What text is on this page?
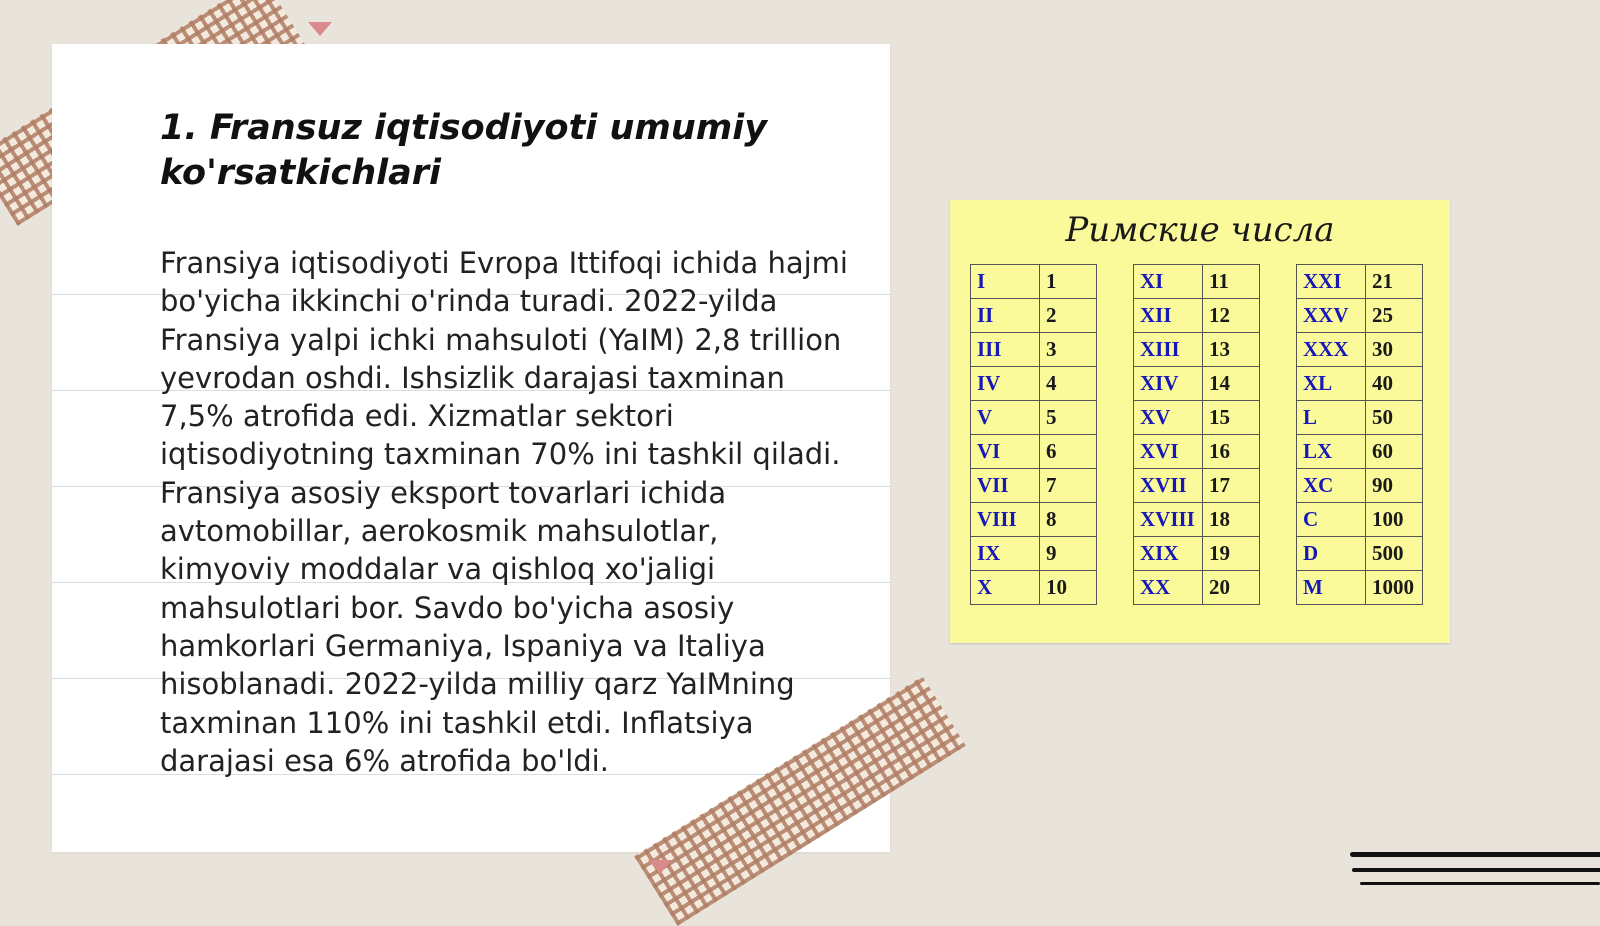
1. Fransuz iqtisodiyoti umumiy ko'rsatkichlari

Fransiya iqtisodiyoti Evropa Ittifoqi ichida hajmi bo'yicha ikkinchi o'rinda turadi. 2022-yilda Fransiya yalpi ichki mahsuloti (YaIM) 2,8 trillion yevrodan oshdi. Ishsizlik darajasi taxminan 7,5% atrofida edi. Xizmatlar sektori iqtisodiyotning taxminan 70% ini tashkil qiladi. Fransiya asosiy eksport tovarlari ichida avtomobillar, aerokosmik mahsulotlar, kimyoviy moddalar va qishloq xo'jaligi mahsulotlari bor. Savdo bo'yicha asosiy hamkorlari Germaniya, Ispaniya va Italiya hisoblanadi. 2022-yilda milliy qarz YaIMning taxminan 110% ini tashkil etdi. Inflatsiya darajasi esa 6% atrofida bo'ldi.

Римские числа
I	1
II	2
III	3
IV	4
V	5
VI	6
VII	7
VIII	8
IX	9
X	10
XI	11
XII	12
XIII	13
XIV	14
XV	15
XVI	16
XVII	17
XVIII	18
XIX	19
XX	20
XXI	21
XXV	25
XXX	30
XL	40
L	50
LX	60
XC	90
C	100
D	500
M	1000
